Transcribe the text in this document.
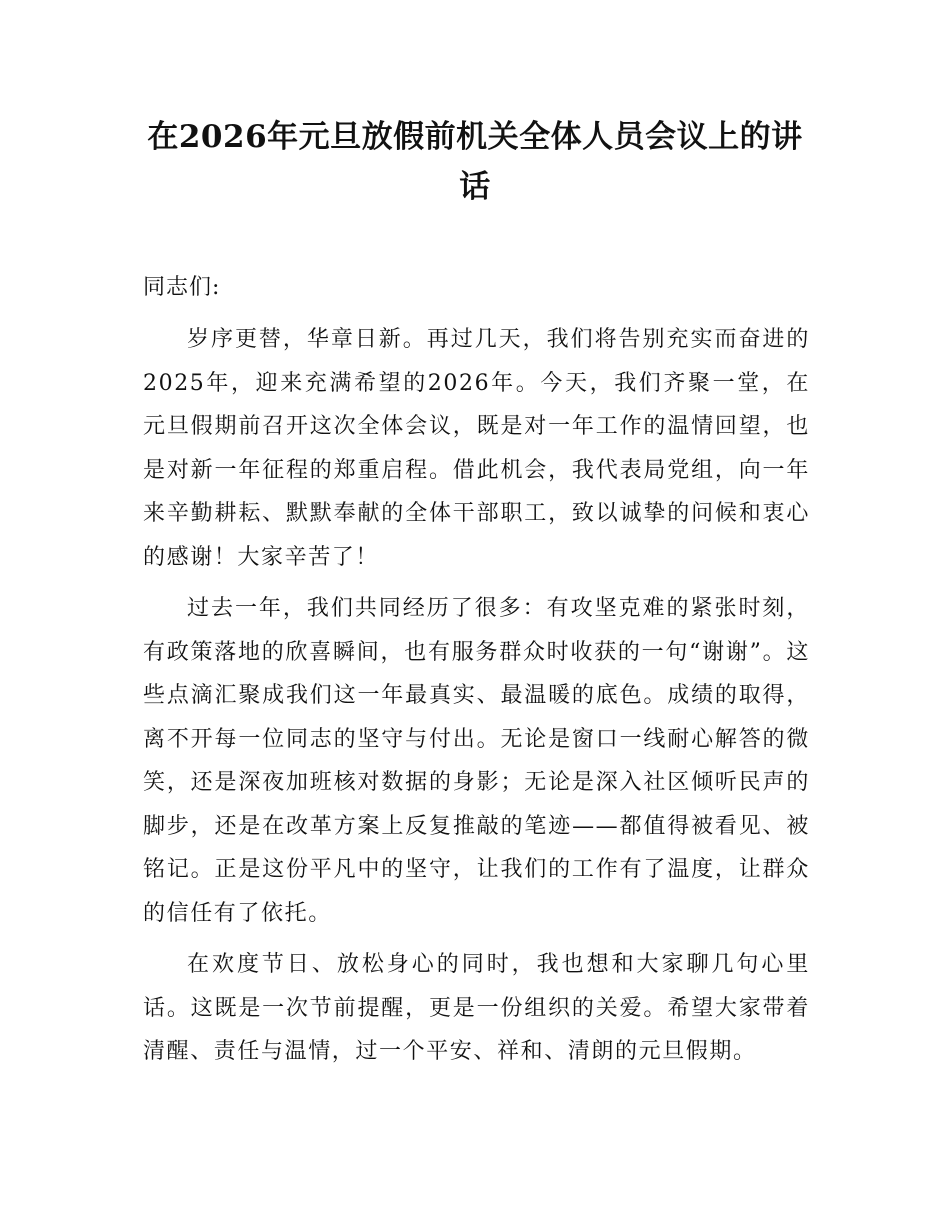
在2026年元旦放假前机关全体人员会议上的讲话

同志们:

岁序更替，华章日新。再过几天，我们将告别充实而奋进的2025年，迎来充满希望的2026年。今天，我们齐聚一堂，在元旦假期前召开这次全体会议，既是对一年工作的温情回望，也是对新一年征程的郑重启程。借此机会，我代表局党组，向一年来辛勤耕耘、默默奉献的全体干部职工，致以诚挚的问候和衷心的感谢！大家辛苦了！

过去一年，我们共同经历了很多：有攻坚克难的紧张时刻，有政策落地的欣喜瞬间，也有服务群众时收获的一句“谢谢”。这些点滴汇聚成我们这一年最真实、最温暖的底色。成绩的取得，离不开每一位同志的坚守与付出。无论是窗口一线耐心解答的微笑，还是深夜加班核对数据的身影；无论是深入社区倾听民声的脚步，还是在改革方案上反复推敲的笔迹——都值得被看见、被铭记。正是这份平凡中的坚守，让我们的工作有了温度，让群众的信任有了依托。

在欢度节日、放松身心的同时，我也想和大家聊几句心里话。这既是一次节前提醒，更是一份组织的关爱。希望大家带着清醒、责任与温情，过一个平安、祥和、清朗的元旦假期。
